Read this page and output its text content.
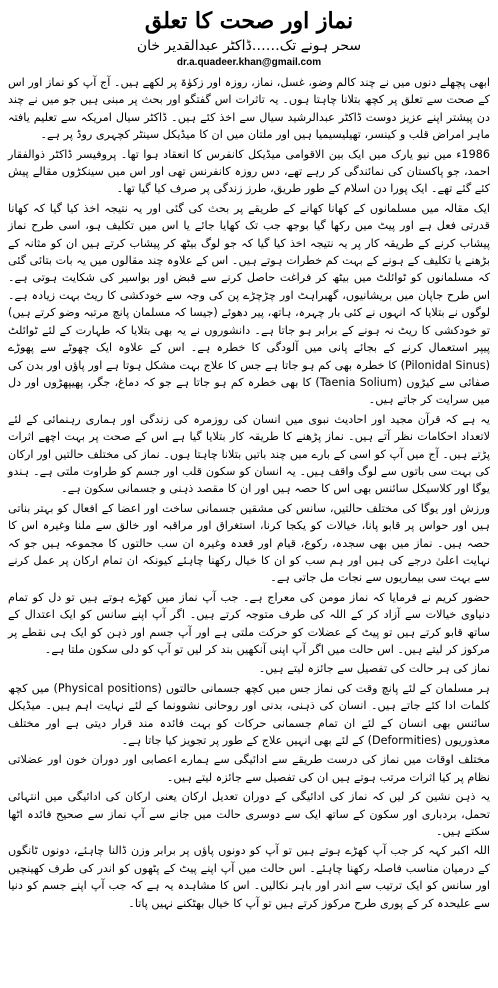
نماز اور صحت کا تعلق
سحر ہونے تک……ڈاکٹر عبدالقدیر خان
dr.a.quadeer.khan@gmail.com

ابھی پچھلے دنوں میں نے چند کالم وضو، غسل، نماز، روزہ اور زکوٰۃ پر لکھے ہیں۔ آج آپ کو نماز اور اس کے صحت سے تعلق پر کچھ بتلانا چاہتا ہوں۔ یہ تاثرات اس گفتگو اور بحث پر مبنی ہیں جو میں نے چند دن پیشتر اپنے عزیز دوست ڈاکٹر عبدالرشید سیال سے اخذ کئے ہیں۔ ڈاکٹر سیال امریکہ سے تعلیم یافتہ ماہر امراض قلب و کینسر، تھیلیسیمیا ہیں اور ملتان میں ان کا میڈیکل سینٹر کچہری روڈ پر ہے۔

1986ء میں نیو یارک میں ایک بین الاقوامی میڈیکل کانفرس کا انعقاد ہوا تھا۔ پروفیسر ڈاکٹر ذوالفقار احمد، جو پاکستان کی نمائندگی کر رہے تھے، دس روزہ کانفرنس تھی اور اس میں سینکڑوں مقالے پیش کئے گئے تھے۔ ایک پورا دن اسلام کے طور طریق، طرز زندگی پر صرف کیا گیا تھا۔

ایک مقالہ میں مسلمانوں کے کھانا کھانے کے طریقے پر بحث کی گئی اور یہ نتیجہ اخذ کیا گیا کہ کھانا قدرتی فعل ہے اور پیٹ میں رکھا گیا بوجھ جب تک کھایا جائے یا اس میں تکلیف ہو، اسی طرح نماز پیشاب کرنے کے طریقہ کار پر یہ نتیجہ اخذ کیا گیا کہ جو لوگ بیٹھ کر پیشاب کرتے ہیں ان کو مثانہ کے بڑھنے یا تکلیف کے ہونے کے بہت کم خطرات ہوتے ہیں۔ اس کے علاوہ چند مقالوں میں یہ بات بتائی گئی کہ مسلمانوں کو ٹوائلٹ میں بیٹھ کر فراغت حاصل کرنے سے قبض اور بواسیر کی شکایت ہوتی ہے۔ اس طرح جاپان میں بریشانیوں، گھبراہٹ اور چڑچڑے پن کی وجہ سے خودکشی کا ریٹ بہت زیادہ ہے۔ لوگوں نے بتلایا کہ انہوں نے کئی بار چہرہ، ہاتھ، پیر دھوئے (جیسا کہ مسلمان پانچ مرتبہ وضو کرتے ہیں) تو خودکشی کا ریٹ نہ ہونے کے برابر ہو جاتا ہے۔ دانشوروں نے یہ بھی بتلایا کہ طہارت کے لئے ٹوائلٹ پیپر استعمال کرنے کے بجائے پانی میں آلودگی کا خطرہ ہے۔ اس کے علاوہ ایک چھوٹے سے پھوڑے (Pilonidal Sinus) کا خطرہ بھی کم ہو جاتا ہے جس کا علاج بہت مشکل ہوتا ہے اور پاؤں اور بدن کی صفائی سے کیڑوں (Taenia Solium) کا بھی خطرہ کم ہو جاتا ہے جو کہ دماغ، جگر، پھیپھڑوں اور دل میں سرایت کر جاتے ہیں۔

یہ ہے کہ قرآن مجید اور احادیث نبوی میں انسان کی روزمرہ کی زندگی اور ہماری رہنمائی کے لئے لاتعداد احکامات نظر آتے ہیں۔ نماز پڑھنے کا طریقہ کار بتلایا گیا ہے اس کے صحت پر بہت اچھے اثرات پڑتے ہیں۔ آج میں آپ کو اسی کے بارے میں چند باتیں بتلانا چاہتا ہوں۔ نماز کی مختلف حالتیں اور ارکان کی بہت سی باتوں سے لوگ واقف ہیں۔ یہ انسان کو سکون قلب اور جسم کو طراوت ملتی ہے۔ ہندو یوگا اور کلاسیکل سائنس بھی اس کا حصہ ہیں اور ان کا مقصد ذہنی و جسمانی سکون ہے۔

ورزش اور یوگا کی مختلف حالتیں، سانس کی مشقیں جسمانی ساخت اور اعضا کے افعال کو بہتر بناتی ہیں اور حواس پر قابو پانا، خیالات کو یکجا کرنا، استغراق اور مراقبہ اور خالق سے ملنا وغیرہ اس کا حصہ ہیں۔ نماز میں بھی سجدہ، رکوع، قیام اور قعدہ وغیرہ ان سب حالتوں کا مجموعہ ہیں جو کہ نہایت اعلیٰ درجے کی ہیں اور ہم سب کو ان کا خیال رکھنا چاہئے کیونکہ ان تمام ارکان پر عمل کرنے سے بہت سی بیماریوں سے نجات مل جاتی ہے۔

حضور کریم نے فرمایا کہ نماز مومن کی معراج ہے۔ جب آپ نماز میں کھڑے ہوتے ہیں تو دل کو تمام دنیاوی خیالات سے آزاد کر کے اللہ کی طرف متوجہ کرتے ہیں۔ اگر آپ اپنے سانس کو ایک اعتدال کے ساتھ قابو کرتے ہیں تو پیٹ کے عضلات کو حرکت ملتی ہے اور آپ جسم اور ذہن کو ایک ہی نقطے پر مرکوز کر لیتے ہیں۔ اس حالت میں اگر آپ اپنی آنکھیں بند کر لیں تو آپ کو دلی سکون ملتا ہے۔

نماز کی ہر حالت کی تفصیل سے جائزہ لیتے ہیں۔

ہر مسلمان کے لئے پانچ وقت کی نماز جس میں کچھ جسمانی حالتوں (Physical positions) میں کچھ کلمات ادا کئے جاتے ہیں۔ انسان کی ذہنی، بدنی اور روحانی نشوونما کے لئے نہایت اہم ہیں۔ میڈیکل سائنس بھی انسان کے لئے ان تمام جسمانی حرکات کو بہت فائدہ مند قرار دیتی ہے اور مختلف معذوریوں (Deformities) کے لئے بھی انہیں علاج کے طور پر تجویز کیا جاتا ہے۔

مختلف اوقات میں نماز کی درست طریقے سے ادائیگی سے ہمارے اعصابی اور دوران خون اور عضلاتی نظام پر کیا اثرات مرتب ہوتے ہیں ان کی تفصیل سے جائزہ لیتے ہیں۔

یہ ذہن نشین کر لیں کہ نماز کی ادائیگی کے دوران تعدیل ارکان یعنی ارکان کی ادائیگی میں انتہائی تحمل، بردباری اور سکون کے ساتھ ایک سے دوسری حالت میں جانے سے آپ نماز سے صحیح فائدہ اٹھا سکتے ہیں۔

اللہ اکبر کہہ کر جب آپ کھڑے ہوتے ہیں تو آپ کو دونوں پاؤں پر برابر وزن ڈالنا چاہئے، دونوں ٹانگوں کے درمیان مناسب فاصلہ رکھنا چاہئے۔ اس حالت میں آپ اپنے پیٹ کے پٹھوں کو اندر کی طرف کھینچیں اور سانس کو ایک ترتیب سے اندر اور باہر نکالیں۔ اس کا مشاہدہ یہ ہے کہ جب آپ اپنے جسم کو دنیا سے علیحدہ کر کے پوری طرح مرکوز کرتے ہیں تو آپ کا خیال بھٹکنے نہیں پاتا۔
